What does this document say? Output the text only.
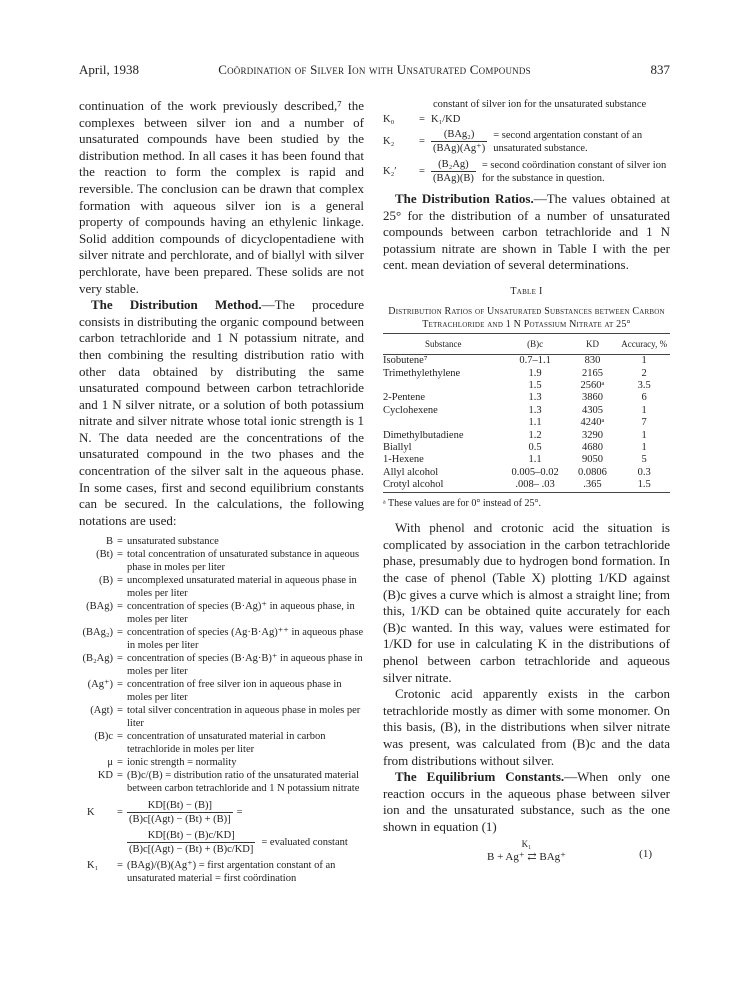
April, 1938	Coördination of Silver Ion with Unsaturated Compounds	837

continuation of the work previously described,⁷ the complexes between silver ion and a number of unsaturated compounds have been studied by the distribution method. In all cases it has been found that the reaction to form the complex is rapid and reversible. The conclusion can be drawn that complex formation with aqueous silver ion is a general property of compounds having an ethylenic linkage. Solid addition compounds of dicyclopentadiene with silver nitrate and perchlorate, and of biallyl with silver perchlorate, have been prepared. These solids are not very stable.

The Distribution Method.—The procedure consists in distributing the organic compound between carbon tetrachloride and 1 N potassium nitrate, and then combining the resulting distribution ratio with other data obtained by distributing the same unsaturated compound between carbon tetrachloride and 1 N silver nitrate, or a solution of both potassium nitrate and silver nitrate whose total ionic strength is 1 N. The data needed are the concentrations of the unsaturated compound in the two phases and the concentration of the silver salt in the aqueous phase. In some cases, first and second equilibrium constants can be secured. In the calculations, the following notations are used:

B = unsaturated substance
(Bt) = total concentration of unsaturated substance in aqueous phase in moles per liter
(B) = uncomplexed unsaturated material in aqueous phase in moles per liter
(BAg) = concentration of species (B·Ag)⁺ in aqueous phase, in moles per liter
(BAg₂) = concentration of species (Ag·B·Ag)⁺⁺ in aqueous phase in moles per liter
(B₂Ag) = concentration of species (B·Ag·B)⁺ in aqueous phase in moles per liter
(Ag⁺) = concentration of free silver ion in aqueous phase in moles per liter
(Agt) = total silver concentration in aqueous phase in moles per liter
(B)c = concentration of unsaturated material in carbon tetrachloride in moles per liter
μ = ionic strength = normality
KD = (B)c/(B) = distribution ratio of the unsaturated material between carbon tetrachloride and 1 N potassium nitrate
K	= $\frac{KD[(Bt) - (B)]}{\text{(B)c[(Agt) − (Bt) + (B)]}}$ =
$\frac{KD[(Bt) - (B)c/KD]}{\text{(B)c[(Agt) − (Bt) + (B)c/KD]}}$ = evaluated constant
K₁	= (BAg)/(B)(Ag⁺) = first argentation constant of an unsaturated material = first coördination
constant of silver ion for the unsaturated substance
K₀	= K₁/KD
K₂	= $\frac{\text{(BAg₂)}}{\text{(BAg)(Ag⁺)}}$ = second argentation constant of an unsaturated substance.
K₂′	= $\frac{\text{(B₂Ag)}}{\text{(BAg)(B)}}$ = second coördination constant of silver ion for the substance in question.

The Distribution Ratios.—The values obtained at 25° for the distribution of a number of unsaturated compounds between carbon tetrachloride and 1 N potassium nitrate are shown in Table I with the per cent. mean deviation of several determinations.

Table I
Distribution Ratios of Unsaturated Substances between Carbon Tetrachloride and 1 N Potassium Nitrate at 25°
Substance	(B)c	KD	Accuracy, %
Isobutene⁷	0.7–1.1	830	1
Trimethylethylene	1.9	2165	2
	1.5	2560ᵃ	3.5
2-Pentene	1.3	3860	6
Cyclohexene	1.3	4305	1
	1.1	4240ᵃ	7
Dimethylbutadiene	1.2	3290	1
Biallyl	0.5	4680	1
1-Hexene	1.1	9050	5
Allyl alcohol	0.005–0.02	0.0806	0.3
Crotyl alcohol	.008– .03	.365	1.5
ᵃ These values are for 0° instead of 25°.

With phenol and crotonic acid the situation is complicated by association in the carbon tetrachloride phase, presumably due to hydrogen bond formation. In the case of phenol (Table X) plotting 1/KD against (B)c gives a curve which is almost a straight line; from this, 1/KD can be obtained quite accurately for each (B)c wanted. In this way, values were estimated for 1/KD for use in calculating K in the distributions of phenol between carbon tetrachloride and aqueous silver nitrate.

Crotonic acid apparently exists in the carbon tetrachloride mostly as dimer with some monomer. On this basis, (B), in the distributions when silver nitrate was present, was calculated from (B)c and the data from distributions without silver.

The Equilibrium Constants.—When only one reaction occurs in the aqueous phase between silver ion and the unsaturated substance, such as the one shown in equation (1)

K₁
B + Ag⁺ ⇄ BAg⁺	(1)
